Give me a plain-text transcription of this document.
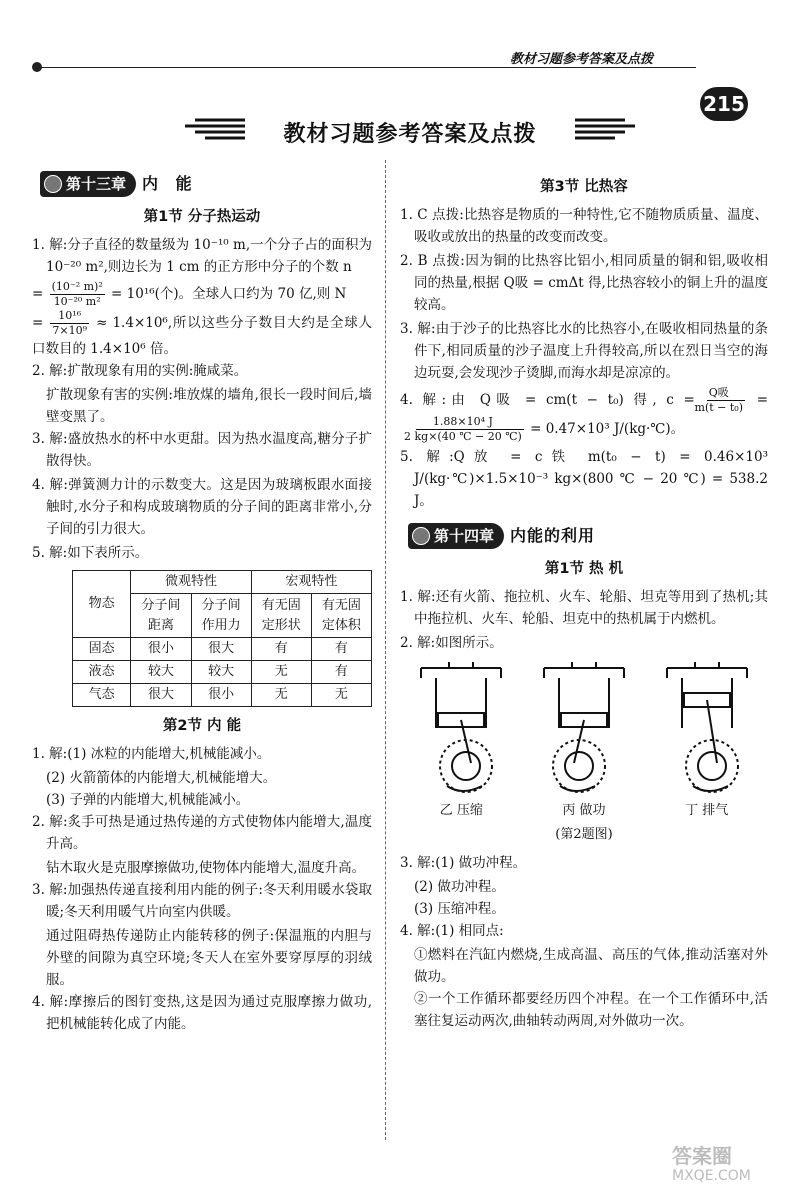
教材习题参考答案及点拨
215
教材习题参考答案及点拨
第十三章	内 能
第1节 分子热运动

1. 解:分子直径的数量级为 10⁻¹⁰ m,一个分子占的面积为 10⁻²⁰ m²,则边长为 1 cm 的正方形中分子的个数 n

= $\frac{\text{(10⁻² m)²}}{\text{10⁻²⁰ m²}} = 10^{16}$(个)。全球人口约为 70 亿,则 N

= $\frac{\text{10¹⁶}}{\text{7×10⁹}} \approx 1.4\times 10^6$,所以这些分子数目大约是全球人口数目的 1.4×10⁶ 倍。

2. 解:扩散现象有用的实例:腌咸菜。

扩散现象有害的实例:堆放煤的墙角,很长一段时间后,墙壁变黑了。

3. 解:盛放热水的杯中水更甜。因为热水温度高,糖分子扩散得快。

4. 解:弹簧测力计的示数变大。这是因为玻璃板跟水面接触时,水分子和构成玻璃物质的分子间的距离非常小,分子间的引力很大。

5. 解:如下表所示。

物态	微观特性		宏观特性	
	分子间距离	分子间作用力	有无固定形状	有无固定体积
固态	很小	很大	有	有
液态	较大	较大	无	有
气态	很大	很小	无	无
第2节 内 能

1. 解:(1) 冰粒的内能增大,机械能减小。

(2) 火箭箭体的内能增大,机械能增大。

(3) 子弹的内能增大,机械能减小。

2. 解:炙手可热是通过热传递的方式使物体内能增大,温度升高。

钻木取火是克服摩擦做功,使物体内能增大,温度升高。

3. 解:加强热传递直接利用内能的例子:冬天利用暖水袋取暖;冬天利用暖气片向室内供暖。

通过阻碍热传递防止内能转移的例子:保温瓶的内胆与外壁的间隙为真空环境;冬天人在室外要穿厚厚的羽绒服。

4. 解:摩擦后的图钉变热,这是因为通过克服摩擦力做功,把机械能转化成了内能。

第3节 比热容

1. C 点拨:比热容是物质的一种特性,它不随物质质量、温度、吸收或放出的热量的改变而改变。

2. B 点拨:因为铜的比热容比铝小,相同质量的铜和铝,吸收相同的热量,根据 Q吸 = cmΔt 得,比热容较小的铜上升的温度较高。

3. 解:由于沙子的比热容比水的比热容小,在吸收相同热量的条件下,相同质量的沙子温度上升得较高,所以在烈日当空的海边玩耍,会发现沙子烫脚,而海水却是凉凉的。

4. 解:由 Q吸 = cm(t − t₀) 得, $c = \frac{\text{Q吸}}{\text{m(t − t₀)}}$ =
$\frac{\text{1.88×10⁴ J}}{2 kg\times(40 ℃ - 20 ℃)} = 0.47\times 10^3$ J/(kg·℃)。

5. 解:Q放 = c铁 m(t₀ − t) = 0.46×10³ J/(kg·℃)×1.5×10⁻³ kg×(800 ℃ − 20 ℃) = 538.2 J。

第十四章	内能的利用
第1节 热 机

1. 解:还有火箭、拖拉机、火车、轮船、坦克等用到了热机;其中拖拉机、火车、轮船、坦克中的热机属于内燃机。

2. 解:如图所示。

乙 压缩	丙 做功	丁 排气
(第2题图)

3. 解:(1) 做功冲程。

(2) 做功冲程。

(3) 压缩冲程。

4. 解:(1) 相同点:

①燃料在汽缸内燃烧,生成高温、高压的气体,推动活塞对外做功。

②一个工作循环都要经历四个冲程。在一个工作循环中,活塞往复运动两次,曲轴转动两周,对外做功一次。

答案圈
MXQE.COM
